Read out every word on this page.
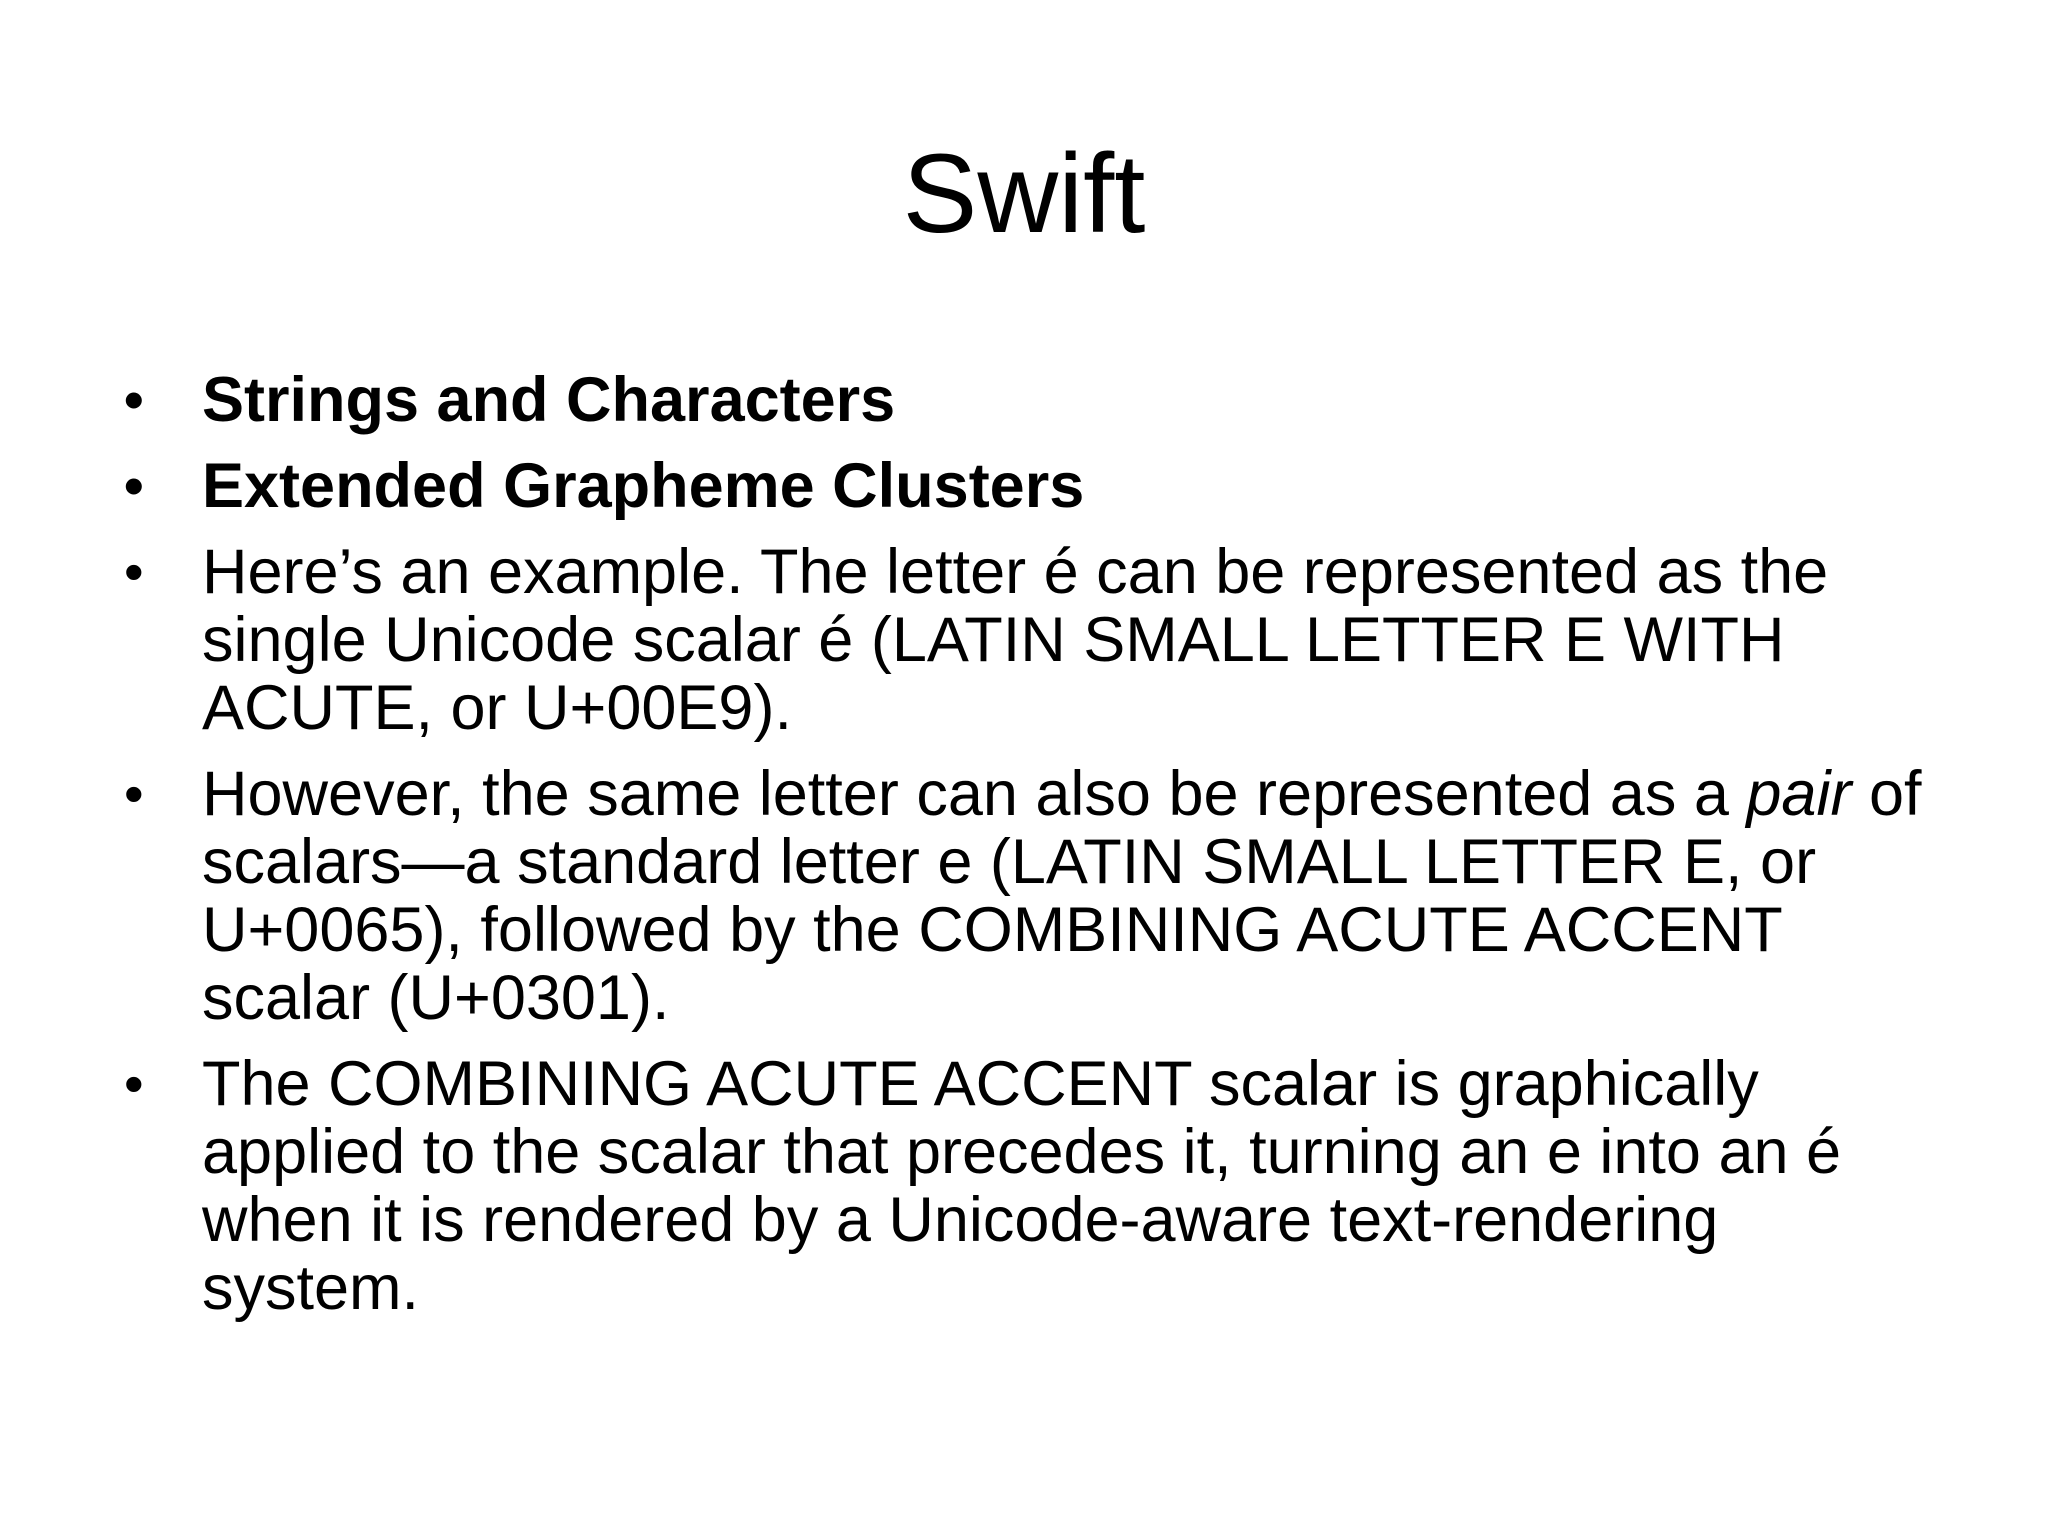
Swift
• Strings and Characters
• Extended Grapheme Clusters
• Here’s an example. The letter é can be represented as the single Unicode scalar é (LATIN SMALL LETTER E WITH ACUTE, or U+00E9).
• However, the same letter can also be represented as a pair of scalars—a standard letter e (LATIN SMALL LETTER E, or U+0065), followed by the COMBINING ACUTE ACCENT scalar (U+0301).
• The COMBINING ACUTE ACCENT scalar is graphically applied to the scalar that precedes it, turning an e into an é when it is rendered by a Unicode-aware text-rendering system.
